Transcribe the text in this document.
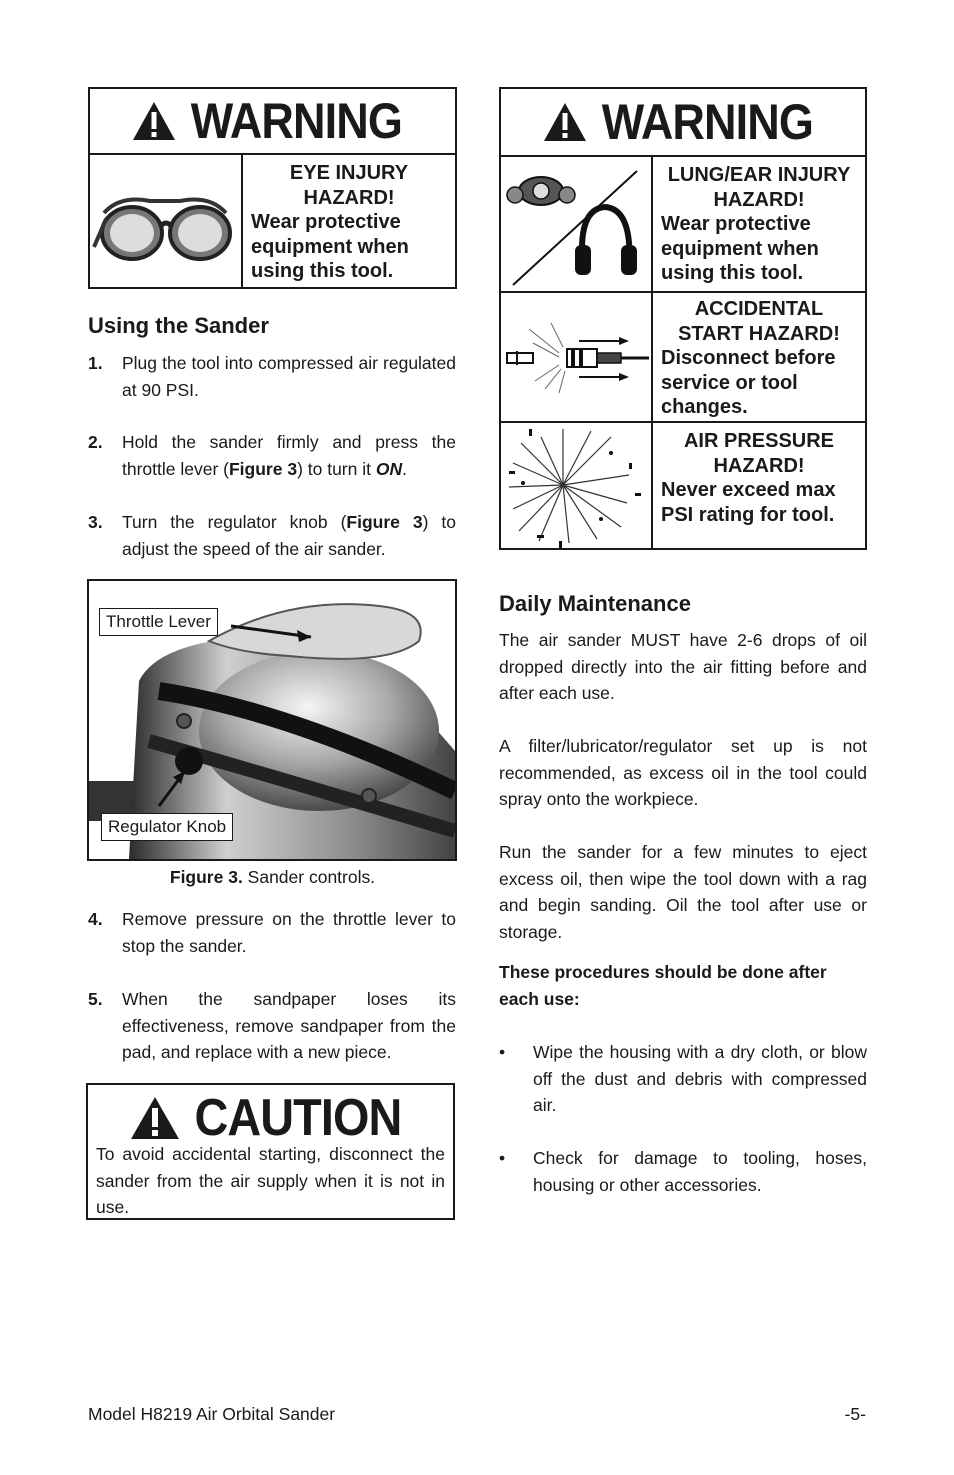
WARNING
EYE INJURY HAZARD!
Wear protective equipment when using this tool.
Using the Sander
1.	Plug the tool into compressed air regulated at 90 PSI.
2.	Hold the sander firmly and press the throttle lever (Figure 3) to turn it ON.
3.	Turn the regulator knob (Figure 3) to adjust the speed of the air sander.
Throttle Lever
Regulator Knob
Figure 3. Sander controls.
4.	Remove pressure on the throttle lever to stop the sander.
5.	When the sandpaper loses its effectiveness, remove sandpaper from the pad, and replace with a new piece.
CAUTION
To avoid accidental starting, disconnect the sander from the air supply when it is not in use.
WARNING
LUNG/EAR INJURY HAZARD!
Wear protective equipment when using this tool.
ACCIDENTAL START HAZARD!
Disconnect before service or tool changes.
AIR PRESSURE HAZARD!
Never exceed max PSI rating for tool.
Daily Maintenance
The air sander MUST have 2-6 drops of oil dropped directly into the air fitting before and after each use.
A filter/lubricator/regulator set up is not recommended, as excess oil in the tool could spray onto the workpiece.
Run the sander for a few minutes to eject excess oil, then wipe the tool down with a rag and begin sanding. Oil the tool after use or storage.
These procedures should be done after each use:
•	Wipe the housing with a dry cloth, or blow off the dust and debris with compressed air.
•	Check for damage to tooling, hoses, housing or other accessories.
Model H8219 Air Orbital Sander	-5-
